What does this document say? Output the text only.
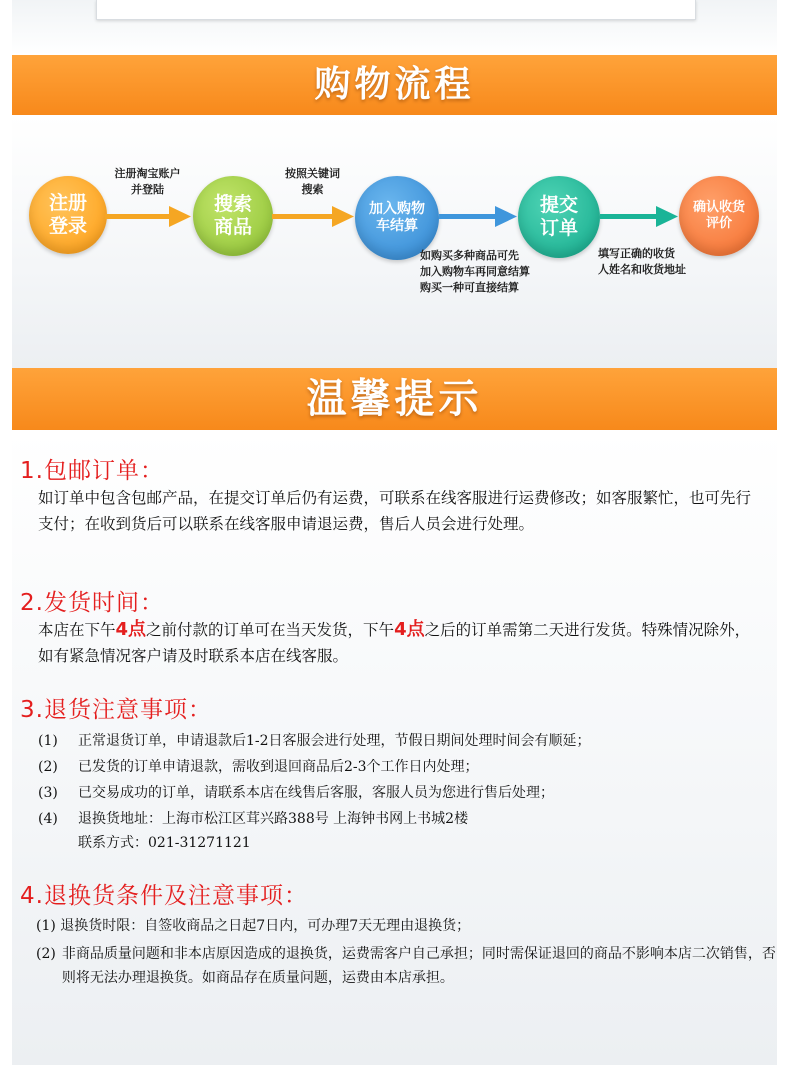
购物流程
注册
登录
搜索
商品
加入购物
车结算
提交
订单
确认收货
评价
注册淘宝账户
并登陆
按照关键词
搜索
如购买多种商品可先
加入购物车再同意结算
购买一种可直接结算
填写正确的收货
人姓名和收货地址
温馨提示
1.包邮订单：
如订单中包含包邮产品，在提交订单后仍有运费，可联系在线客服进行运费修改；如客服繁忙，也可先行支付；在收到货后可以联系在线客服申请退运费，售后人员会进行处理。
2.发货时间：
本店在下午4点之前付款的订单可在当天发货，下午4点之后的订单需第二天进行发货。特殊情况除外，如有紧急情况客户请及时联系本店在线客服。
3.退货注意事项：
(1) 正常退货订单，申请退款后1-2日客服会进行处理，节假日期间处理时间会有顺延；
(2) 已发货的订单申请退款，需收到退回商品后2-3个工作日内处理；
(3) 已交易成功的订单，请联系本店在线售后客服，客服人员为您进行售后处理；
(4) 退换货地址：上海市松江区茸兴路388号 上海钟书网上书城2楼
联系方式：021-31271121
4.退换货条件及注意事项：
(1) 退换货时限：自签收商品之日起7日内，可办理7天无理由退换货；
(2) 非商品质量问题和非本店原因造成的退换货，运费需客户自己承担；同时需保证退回的商品不影响本店二次销售，否则将无法办理退换货。如商品存在质量问题，运费由本店承担。
